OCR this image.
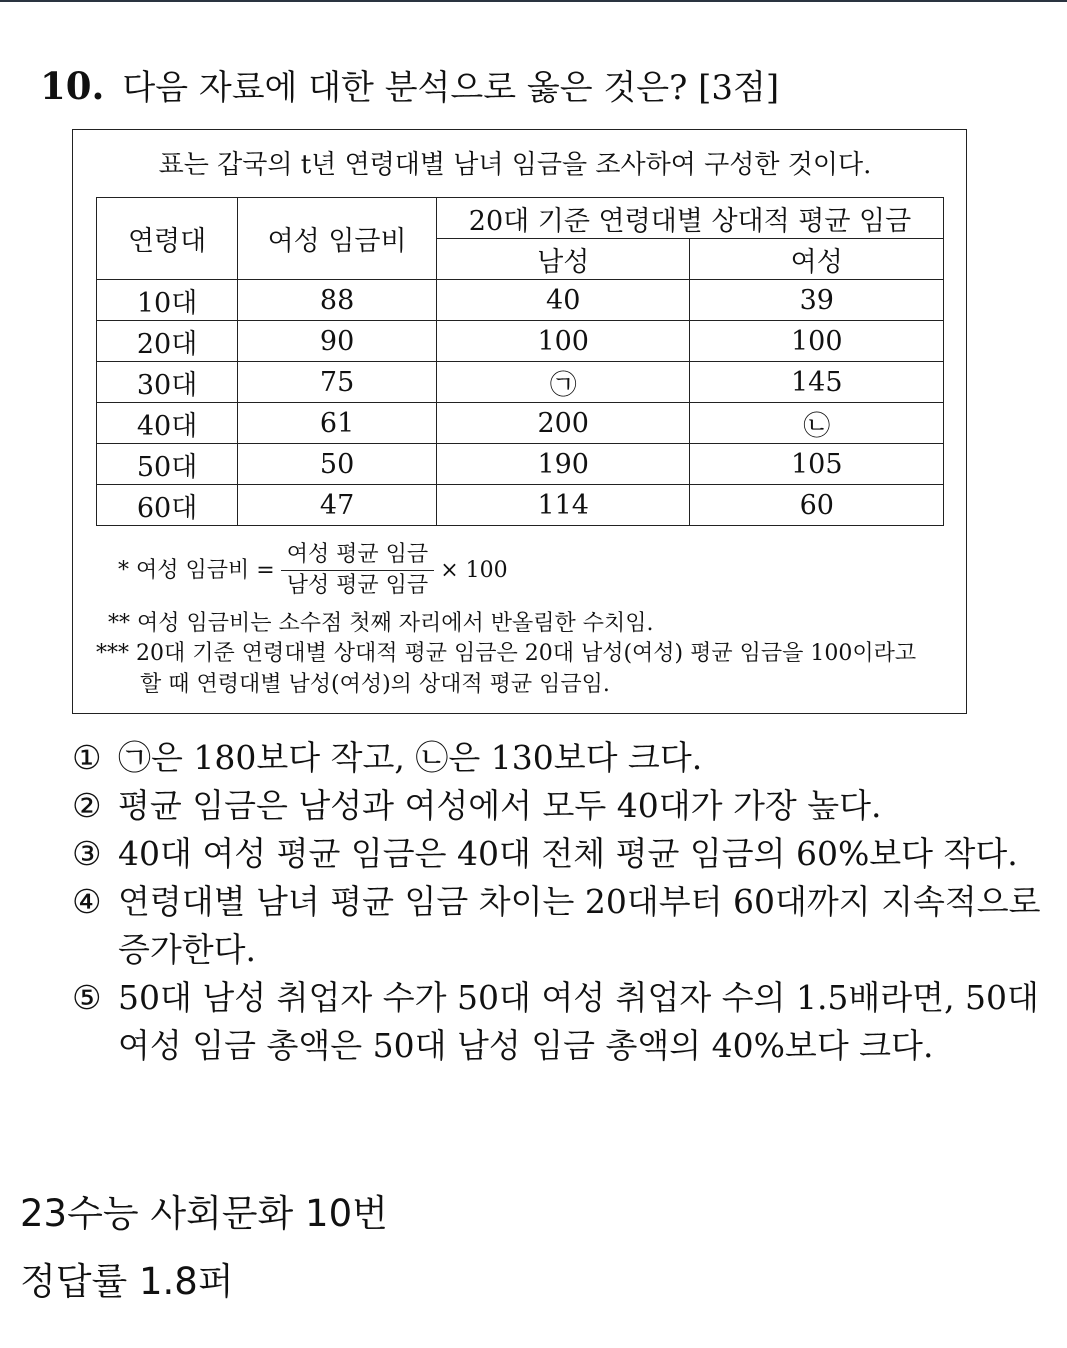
10. 다음 자료에 대한 분석으로 옳은 것은? [3점]
표는 갑국의 t년 연령대별 남녀 임금을 조사하여 구성한 것이다.
연령대	여성 임금비	20대 기준 연령대별 상대적 평균 임금	
		남성	여성
10대	88	40	39
20대	90	100	100
30대	75	㉠	145
40대	61	200	㉡
50대	50	190	105
60대	47	114	60
* 여성 임금비 = $\frac{\text{여성 평균 임금}}{\text{남성 평균 임금}} \times 100$
** 여성 임금비는 소수점 첫째 자리에서 반올림한 수치임.
*** 20대 기준 연령대별 상대적 평균 임금은 20대 남성(여성) 평균 임금을 100이라고
할 때 연령대별 남성(여성)의 상대적 평균 임금임.
① ㉠은 180보다 작고, ㉡은 130보다 크다.
② 평균 임금은 남성과 여성에서 모두 40대가 가장 높다.
③ 40대 여성 평균 임금은 40대 전체 평균 임금의 60%보다 작다.
④ 연령대별 남녀 평균 임금 차이는 20대부터 60대까지 지속적으로
증가한다.
⑤ 50대 남성 취업자 수가 50대 여성 취업자 수의 1.5배라면, 50대
여성 임금 총액은 50대 남성 임금 총액의 40%보다 크다.
23수능 사회문화 10번
정답률 1.8퍼
